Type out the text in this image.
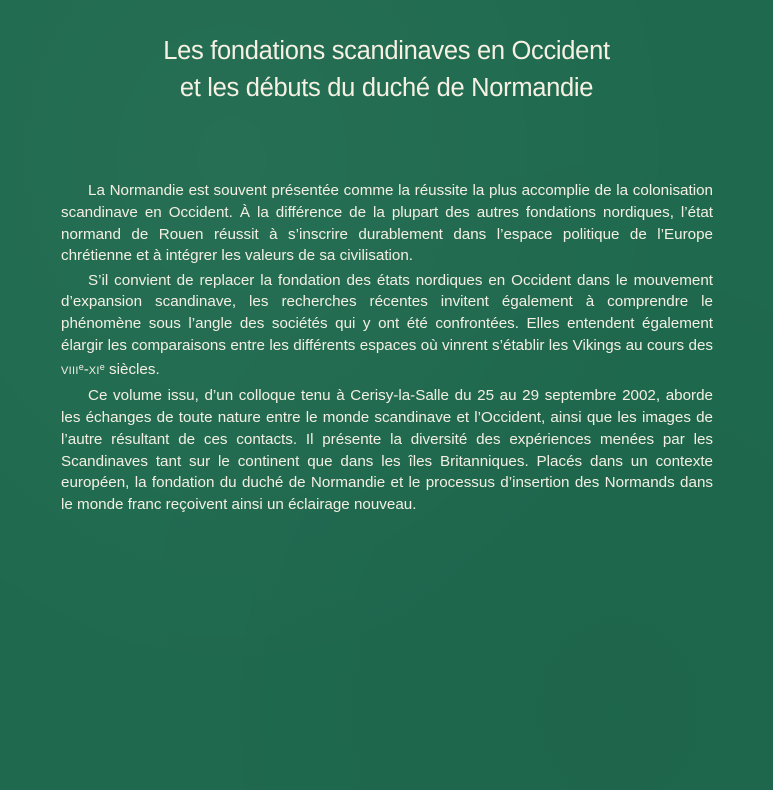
Les fondations scandinaves en Occident
et les débuts du duché de Normandie

La Normandie est souvent présentée comme la réussite la plus accomplie de la colonisation scandinave en Occident. À la différence de la plupart des autres fondations nordiques, l’état normand de Rouen réussit à s’inscrire durablement dans l’espace politique de l’Europe chrétienne et à intégrer les valeurs de sa civilisation.

S’il convient de replacer la fondation des états nordiques en Occident dans le mouvement d’expansion scandinave, les recherches récentes invitent également à comprendre le phénomène sous l’angle des sociétés qui y ont été confrontées. Elles entendent également élargir les comparaisons entre les différents espaces où vinrent s’établir les Vikings au cours des VIIIe-XIe siècles.

Ce volume issu, d’un colloque tenu à Cerisy-la-Salle du 25 au 29 septembre 2002, aborde les échanges de toute nature entre le monde scandinave et l’Occident, ainsi que les images de l’autre résultant de ces contacts. Il présente la diversité des expériences menées par les Scandinaves tant sur le continent que dans les îles Britanniques. Placés dans un contexte européen, la fondation du duché de Normandie et le processus d’insertion des Normands dans le monde franc reçoivent ainsi un éclairage nouveau.
